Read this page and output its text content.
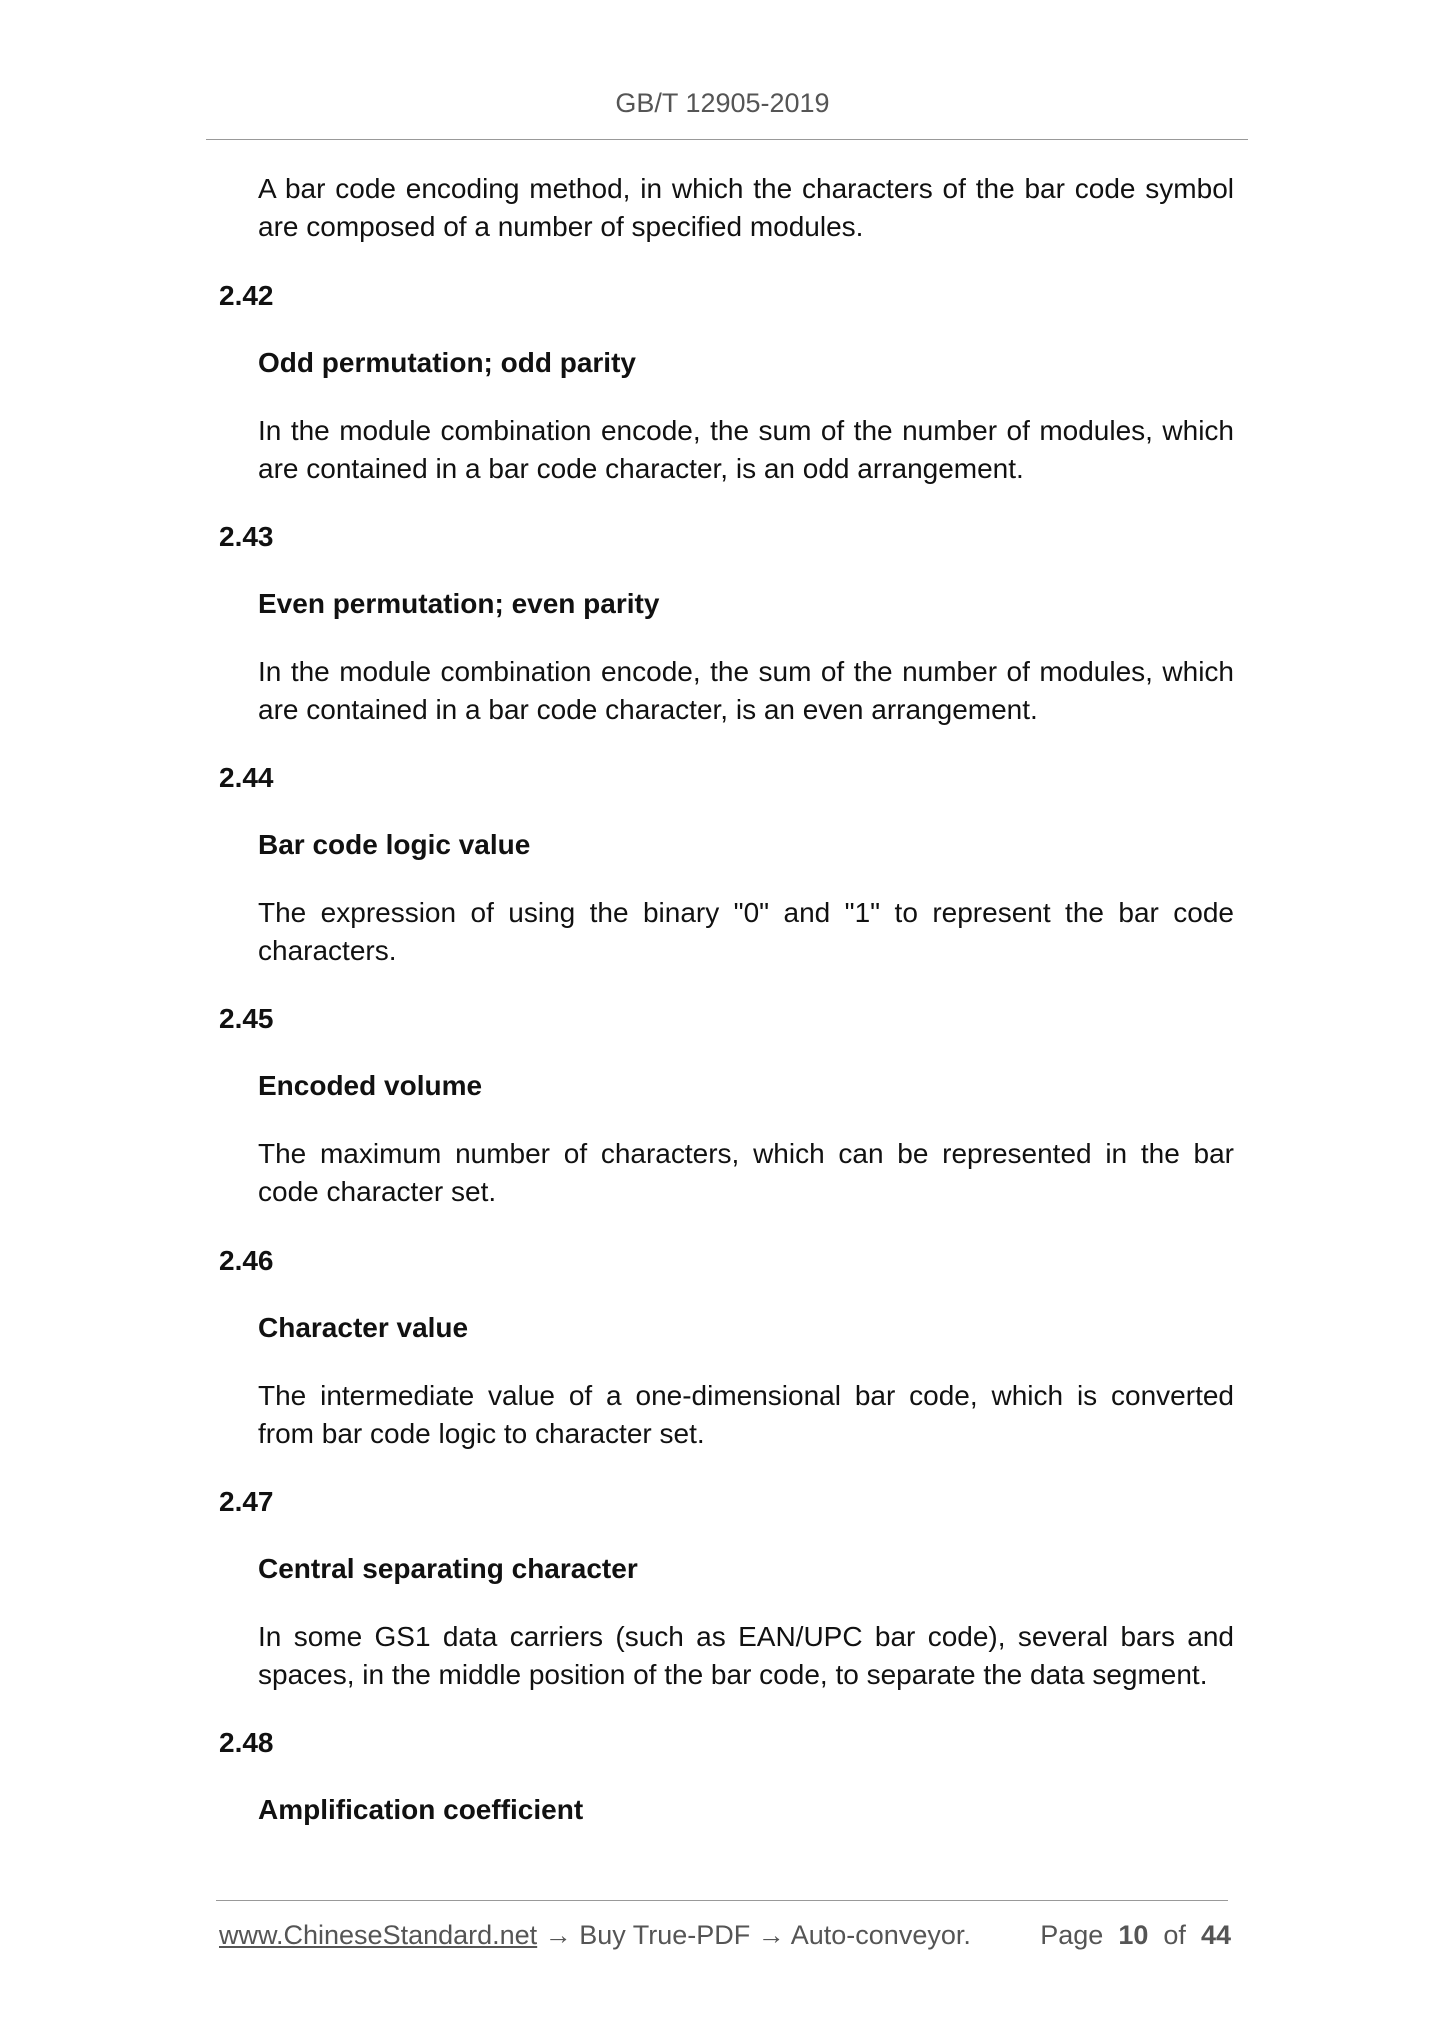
GB/T 12905-2019
A bar code encoding method, in which the characters of the bar code symbol are composed of a number of specified modules.
2.42
Odd permutation; odd parity
In the module combination encode, the sum of the number of modules, which are contained in a bar code character, is an odd arrangement.
2.43
Even permutation; even parity
In the module combination encode, the sum of the number of modules, which are contained in a bar code character, is an even arrangement.
2.44
Bar code logic value
The expression of using the binary "0" and "1" to represent the bar code characters.
2.45
Encoded volume
The maximum number of characters, which can be represented in the bar code character set.
2.46
Character value
The intermediate value of a one-dimensional bar code, which is converted from bar code logic to character set.
2.47
Central separating character
In some GS1 data carriers (such as EAN/UPC bar code), several bars and spaces, in the middle position of the bar code, to separate the data segment.
2.48
Amplification coefficient
www.ChineseStandard.net → Buy True-PDF → Auto-conveyor.	Page 10 of 44
